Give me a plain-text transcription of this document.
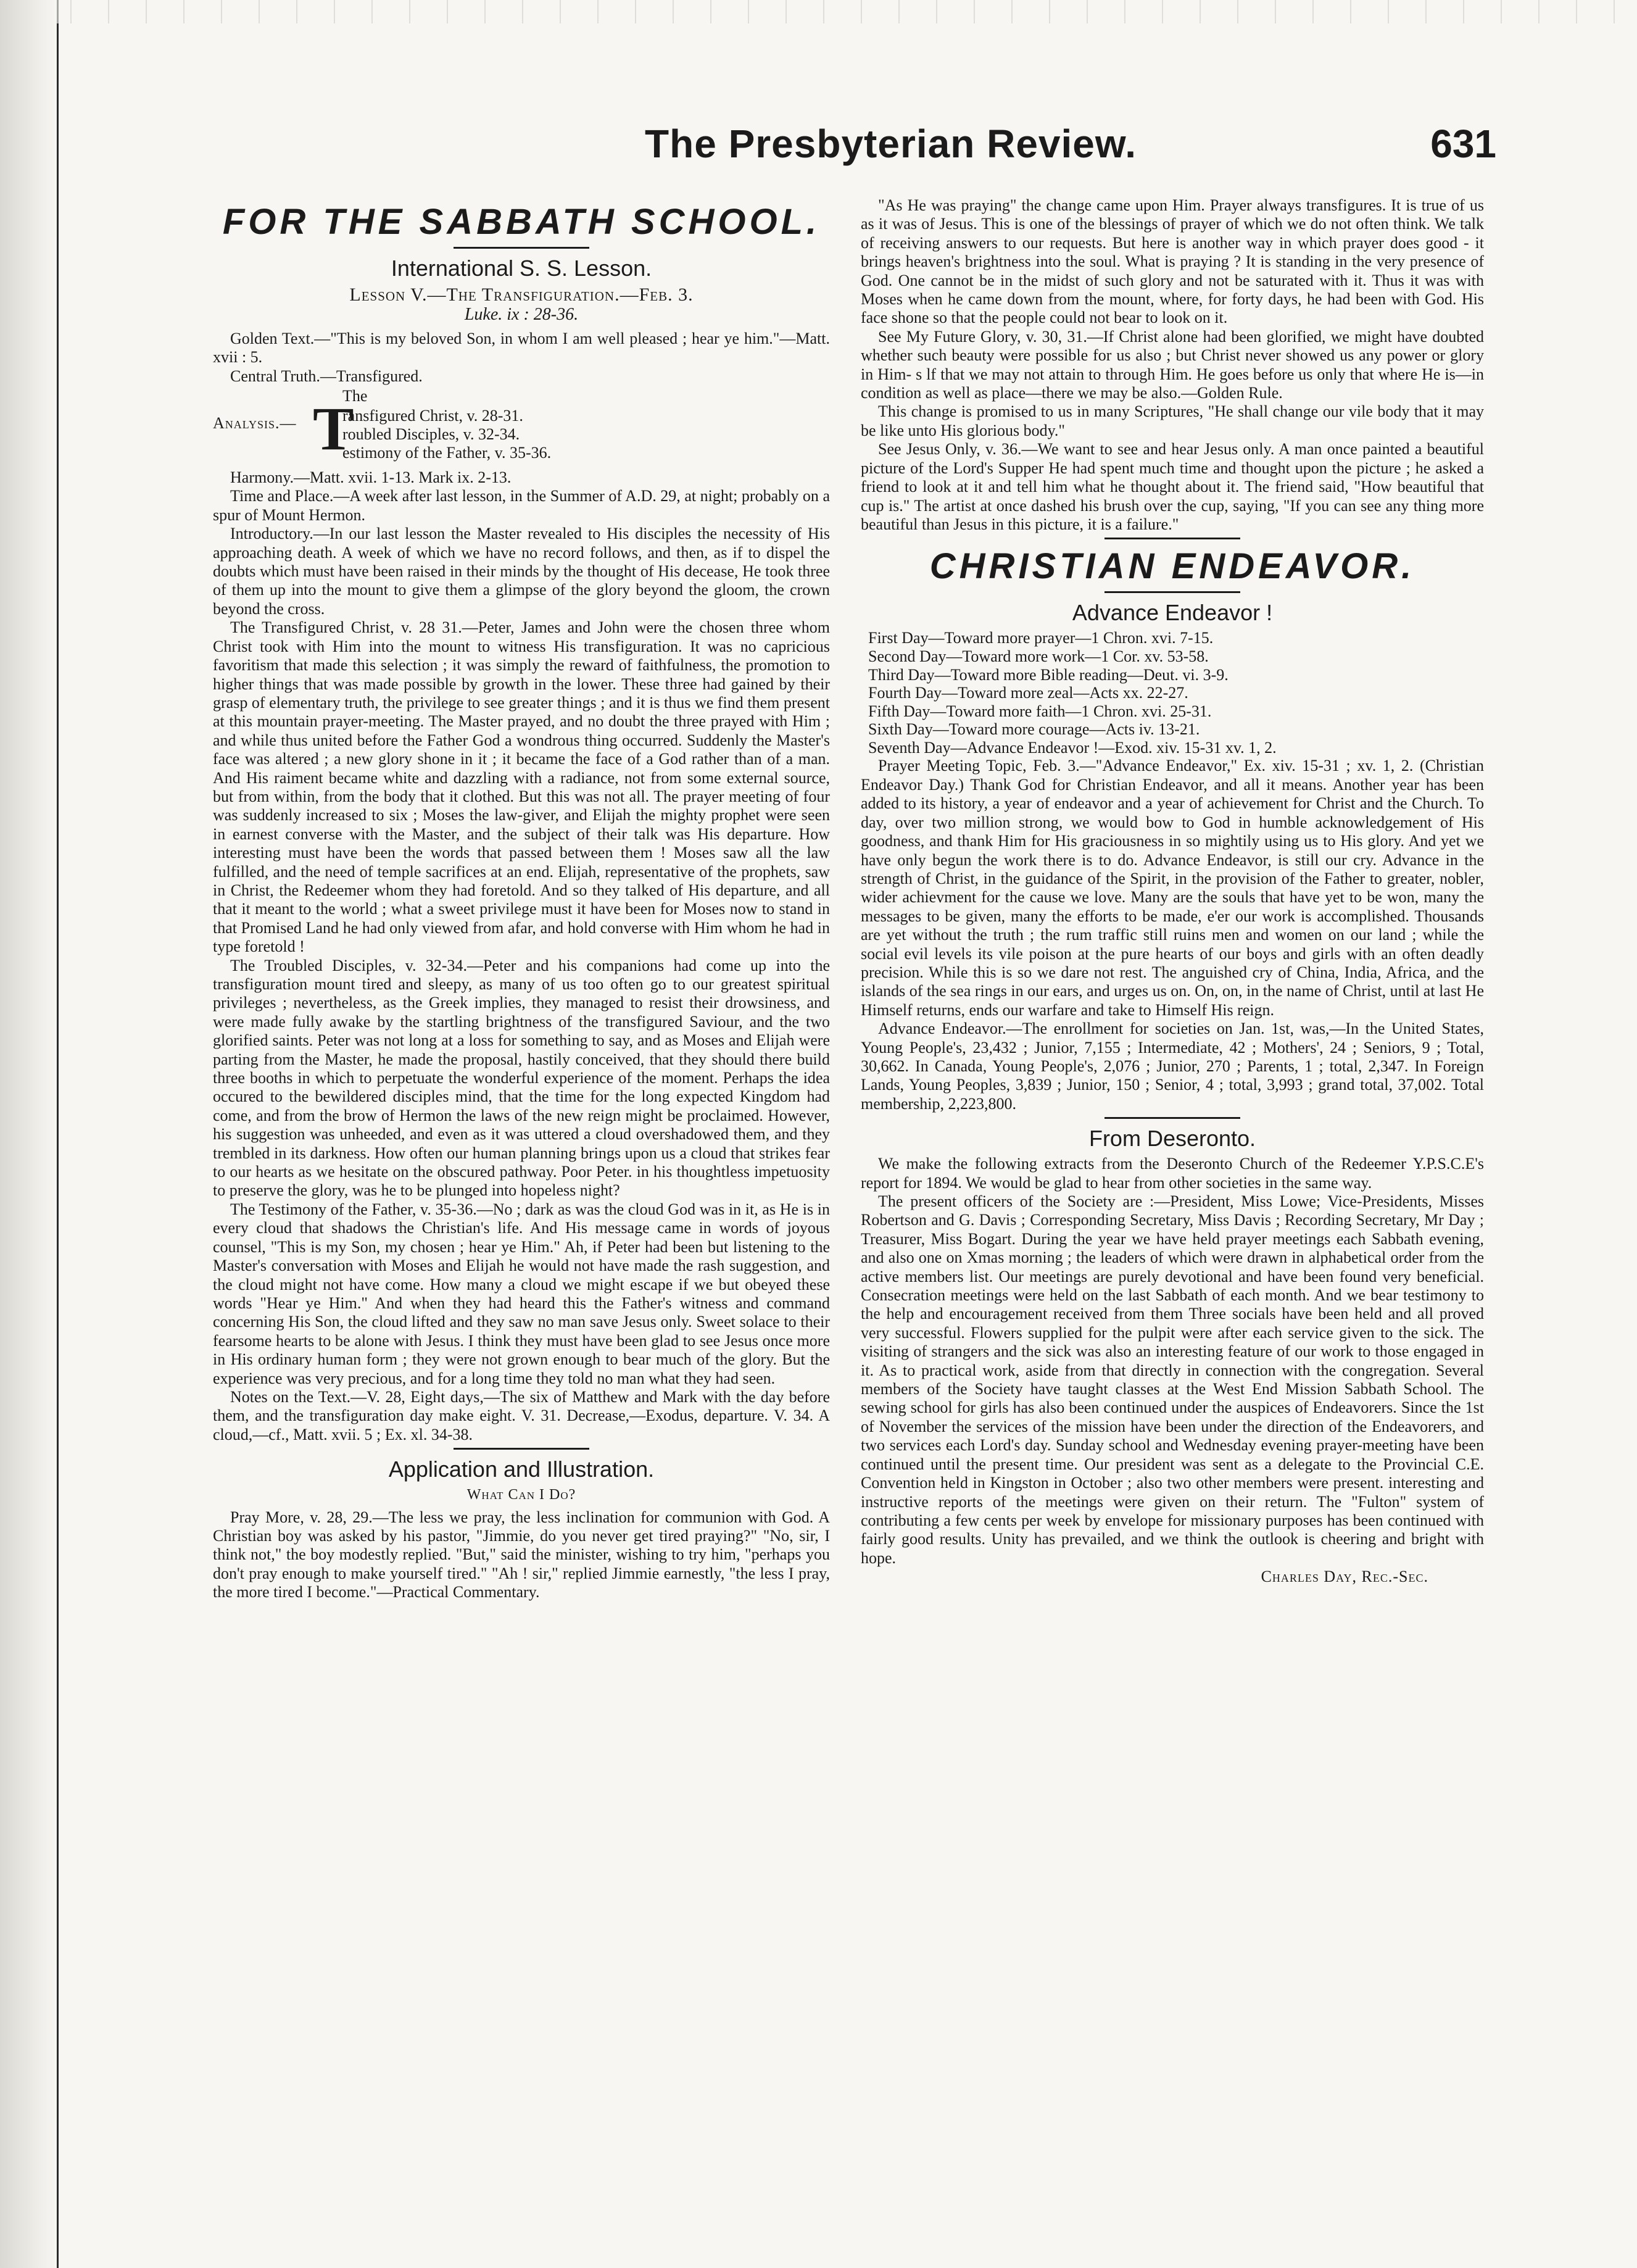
The Presbyterian Review.	631
FOR THE SABBATH SCHOOL.
International S. S. Lesson.
Lesson V.—The Transfiguration.—Feb. 3.
Luke. ix : 28-36.

Golden Text.—"This is my beloved Son, in whom I am well pleased ; hear ye him."—Matt. xvii : 5.

Central Truth.—Transfigured.

The
Analysis.— T
ransfigured Christ, v. 28-31.
roubled Disciples, v. 32-34.
estimony of the Father, v. 35-36.

Harmony.—Matt. xvii. 1-13. Mark ix. 2-13.

Time and Place.—A week after last lesson, in the Summer of A.D. 29, at night; probably on a spur of Mount Hermon.

Introductory.—In our last lesson the Master revealed to His disciples the necessity of His approaching death. A week of which we have no record follows, and then, as if to dispel the doubts which must have been raised in their minds by the thought of His decease, He took three of them up into the mount to give them a glimpse of the glory beyond the gloom, the crown beyond the cross.

The Transfigured Christ, v. 28 31.—Peter, James and John were the chosen three whom Christ took with Him into the mount to witness His transfiguration. It was no capricious favoritism that made this selection ; it was simply the reward of faithfulness, the promotion to higher things that was made possible by growth in the lower. These three had gained by their grasp of elementary truth, the privilege to see greater things ; and it is thus we find them present at this mountain prayer-meeting. The Master prayed, and no doubt the three prayed with Him ; and while thus united before the Father God a wondrous thing occurred. Suddenly the Master's face was altered ; a new glory shone in it ; it became the face of a God rather than of a man. And His raiment became white and dazzling with a radiance, not from some external source, but from within, from the body that it clothed. But this was not all. The prayer meeting of four was suddenly increased to six ; Moses the law-giver, and Elijah the mighty prophet were seen in earnest converse with the Master, and the subject of their talk was His departure. How interesting must have been the words that passed between them ! Moses saw all the law fulfilled, and the need of temple sacrifices at an end. Elijah, representative of the prophets, saw in Christ, the Redeemer whom they had foretold. And so they talked of His departure, and all that it meant to the world ; what a sweet privilege must it have been for Moses now to stand in that Promised Land he had only viewed from afar, and hold converse with Him whom he had in type foretold !

The Troubled Disciples, v. 32-34.—Peter and his companions had come up into the transfiguration mount tired and sleepy, as many of us too often go to our greatest spiritual privileges ; nevertheless, as the Greek implies, they managed to resist their drowsiness, and were made fully awake by the startling brightness of the transfigured Saviour, and the two glorified saints. Peter was not long at a loss for something to say, and as Moses and Elijah were parting from the Master, he made the proposal, hastily conceived, that they should there build three booths in which to perpetuate the wonderful experience of the moment. Perhaps the idea occured to the bewildered disciples mind, that the time for the long expected Kingdom had come, and from the brow of Hermon the laws of the new reign might be proclaimed. However, his suggestion was unheeded, and even as it was uttered a cloud overshadowed them, and they trembled in its darkness. How often our human planning brings upon us a cloud that strikes fear to our hearts as we hesitate on the obscured pathway. Poor Peter. in his thoughtless impetuosity to preserve the glory, was he to be plunged into hopeless night?

The Testimony of the Father, v. 35-36.—No ; dark as was the cloud God was in it, as He is in every cloud that shadows the Christian's life. And His message came in words of joyous counsel, "This is my Son, my chosen ; hear ye Him." Ah, if Peter had been but listening to the Master's conversation with Moses and Elijah he would not have made the rash suggestion, and the cloud might not have come. How many a cloud we might escape if we but obeyed these words "Hear ye Him." And when they had heard this the Father's witness and command concerning His Son, the cloud lifted and they saw no man save Jesus only. Sweet solace to their fearsome hearts to be alone with Jesus. I think they must have been glad to see Jesus once more in His ordinary human form ; they were not grown enough to bear much of the glory. But the experience was very precious, and for a long time they told no man what they had seen.

Notes on the Text.—V. 28, Eight days,—The six of Matthew and Mark with the day before them, and the transfiguration day make eight. V. 31. Decrease,—Exodus, departure. V. 34. A cloud,—cf., Matt. xvii. 5 ; Ex. xl. 34-38.

Application and Illustration.
What Can I Do?

Pray More, v. 28, 29.—The less we pray, the less inclination for communion with God. A Christian boy was asked by his pastor, "Jimmie, do you never get tired praying?" "No, sir, I think not," the boy modestly replied. "But," said the minister, wishing to try him, "perhaps you don't pray enough to make yourself tired." "Ah ! sir," replied Jimmie earnestly, "the less I pray, the more tired I become."—Practical Commentary.

"As He was praying" the change came upon Him. Prayer always transfigures. It is true of us as it was of Jesus. This is one of the blessings of prayer of which we do not often think. We talk of receiving answers to our requests. But here is another way in which prayer does good - it brings heaven's brightness into the soul. What is praying ? It is standing in the very presence of God. One cannot be in the midst of such glory and not be saturated with it. Thus it was with Moses when he came down from the mount, where, for forty days, he had been with God. His face shone so that the people could not bear to look on it.

See My Future Glory, v. 30, 31.—If Christ alone had been glorified, we might have doubted whether such beauty were possible for us also ; but Christ never showed us any power or glory in Him- s lf that we may not attain to through Him. He goes before us only that where He is—in condition as well as place—there we may be also.—Golden Rule.

This change is promised to us in many Scriptures, "He shall change our vile body that it may be like unto His glorious body."

See Jesus Only, v. 36.—We want to see and hear Jesus only. A man once painted a beautiful picture of the Lord's Supper He had spent much time and thought upon the picture ; he asked a friend to look at it and tell him what he thought about it. The friend said, "How beautiful that cup is." The artist at once dashed his brush over the cup, saying, "If you can see any thing more beautiful than Jesus in this picture, it is a failure."

CHRISTIAN ENDEAVOR.
Advance Endeavor !
First Day—Toward more prayer—1 Chron. xvi. 7-15.
Second Day—Toward more work—1 Cor. xv. 53-58.
Third Day—Toward more Bible reading—Deut. vi. 3-9.
Fourth Day—Toward more zeal—Acts xx. 22-27.
Fifth Day—Toward more faith—1 Chron. xvi. 25-31.
Sixth Day—Toward more courage—Acts iv. 13-21.
Seventh Day—Advance Endeavor !—Exod. xiv. 15-31 xv. 1, 2.

Prayer Meeting Topic, Feb. 3.—"Advance Endeavor," Ex. xiv. 15-31 ; xv. 1, 2. (Christian Endeavor Day.) Thank God for Christian Endeavor, and all it means. Another year has been added to its history, a year of endeavor and a year of achievement for Christ and the Church. To day, over two million strong, we would bow to God in humble acknowledgement of His goodness, and thank Him for His graciousness in so mightily using us to His glory. And yet we have only begun the work there is to do. Advance Endeavor, is still our cry. Advance in the strength of Christ, in the guidance of the Spirit, in the provision of the Father to greater, nobler, wider achievment for the cause we love. Many are the souls that have yet to be won, many the messages to be given, many the efforts to be made, e'er our work is accomplished. Thousands are yet without the truth ; the rum traffic still ruins men and women on our land ; while the social evil levels its vile poison at the pure hearts of our boys and girls with an often deadly precision. While this is so we dare not rest. The anguished cry of China, India, Africa, and the islands of the sea rings in our ears, and urges us on. On, on, in the name of Christ, until at last He Himself returns, ends our warfare and take to Himself His reign.

Advance Endeavor.—The enrollment for societies on Jan. 1st, was,—In the United States, Young People's, 23,432 ; Junior, 7,155 ; Intermediate, 42 ; Mothers', 24 ; Seniors, 9 ; Total, 30,662. In Canada, Young People's, 2,076 ; Junior, 270 ; Parents, 1 ; total, 2,347. In Foreign Lands, Young Peoples, 3,839 ; Junior, 150 ; Senior, 4 ; total, 3,993 ; grand total, 37,002. Total membership, 2,223,800.

From Deseronto.

We make the following extracts from the Deseronto Church of the Redeemer Y.P.S.C.E's report for 1894. We would be glad to hear from other societies in the same way.

The present officers of the Society are :—President, Miss Lowe; Vice-Presidents, Misses Robertson and G. Davis ; Corresponding Secretary, Miss Davis ; Recording Secretary, Mr Day ; Treasurer, Miss Bogart. During the year we have held prayer meetings each Sabbath evening, and also one on Xmas morning ; the leaders of which were drawn in alphabetical order from the active members list. Our meetings are purely devotional and have been found very beneficial. Consecration meetings were held on the last Sabbath of each month. And we bear testimony to the help and encouragement received from them Three socials have been held and all proved very successful. Flowers supplied for the pulpit were after each service given to the sick. The visiting of strangers and the sick was also an interesting feature of our work to those engaged in it. As to practical work, aside from that directly in connection with the congregation. Several members of the Society have taught classes at the West End Mission Sabbath School. The sewing school for girls has also been continued under the auspices of Endeavorers. Since the 1st of November the services of the mission have been under the direction of the Endeavorers, and two services each Lord's day. Sunday school and Wednesday evening prayer-meeting have been continued until the present time. Our president was sent as a delegate to the Provincial C.E. Convention held in Kingston in October ; also two other members were present. interesting and instructive reports of the meetings were given on their return. The "Fulton" system of contributing a few cents per week by envelope for missionary purposes has been continued with fairly good results. Unity has prevailed, and we think the outlook is cheering and bright with hope.

Charles Day, Rec.-Sec.
